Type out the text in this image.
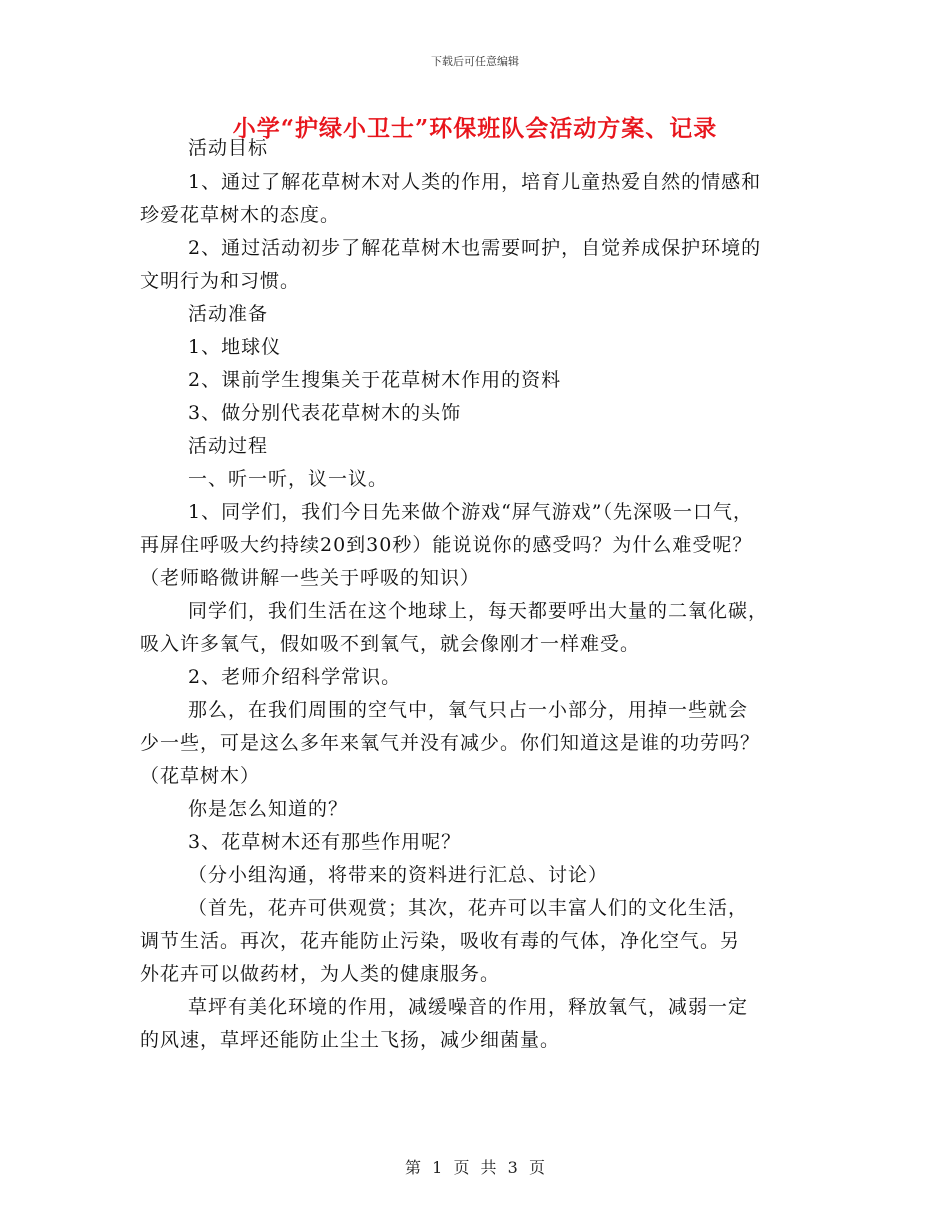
下载后可任意编辑
小学“护绿小卫士”环保班队会活动方案、记录
活动目标
1、通过了解花草树木对人类的作用，培育儿童热爱自然的情感和
珍爱花草树木的态度。
2、通过活动初步了解花草树木也需要呵护，自觉养成保护环境的
文明行为和习惯。
活动准备
1、地球仪
2、课前学生搜集关于花草树木作用的资料
3、做分别代表花草树木的头饰
活动过程
一、听一听，议一议。
1、同学们，我们今日先来做个游戏“屏气游戏”（先深吸一口气，
再屏住呼吸大约持续20到30秒）能说说你的感受吗？为什么难受呢？
（老师略微讲解一些关于呼吸的知识）
同学们，我们生活在这个地球上，每天都要呼出大量的二氧化碳，
吸入许多氧气，假如吸不到氧气，就会像刚才一样难受。
2、老师介绍科学常识。
那么，在我们周围的空气中，氧气只占一小部分，用掉一些就会
少一些，可是这么多年来氧气并没有减少。你们知道这是谁的功劳吗？
（花草树木）
你是怎么知道的？
3、花草树木还有那些作用呢？
（分小组沟通，将带来的资料进行汇总、讨论）
（首先，花卉可供观赏；其次，花卉可以丰富人们的文化生活，
调节生活。再次，花卉能防止污染，吸收有毒的气体，净化空气。另
外花卉可以做药材，为人类的健康服务。
草坪有美化环境的作用，减缓噪音的作用，释放氧气，减弱一定
的风速，草坪还能防止尘土飞扬，减少细菌量。
第 1 页 共 3 页
